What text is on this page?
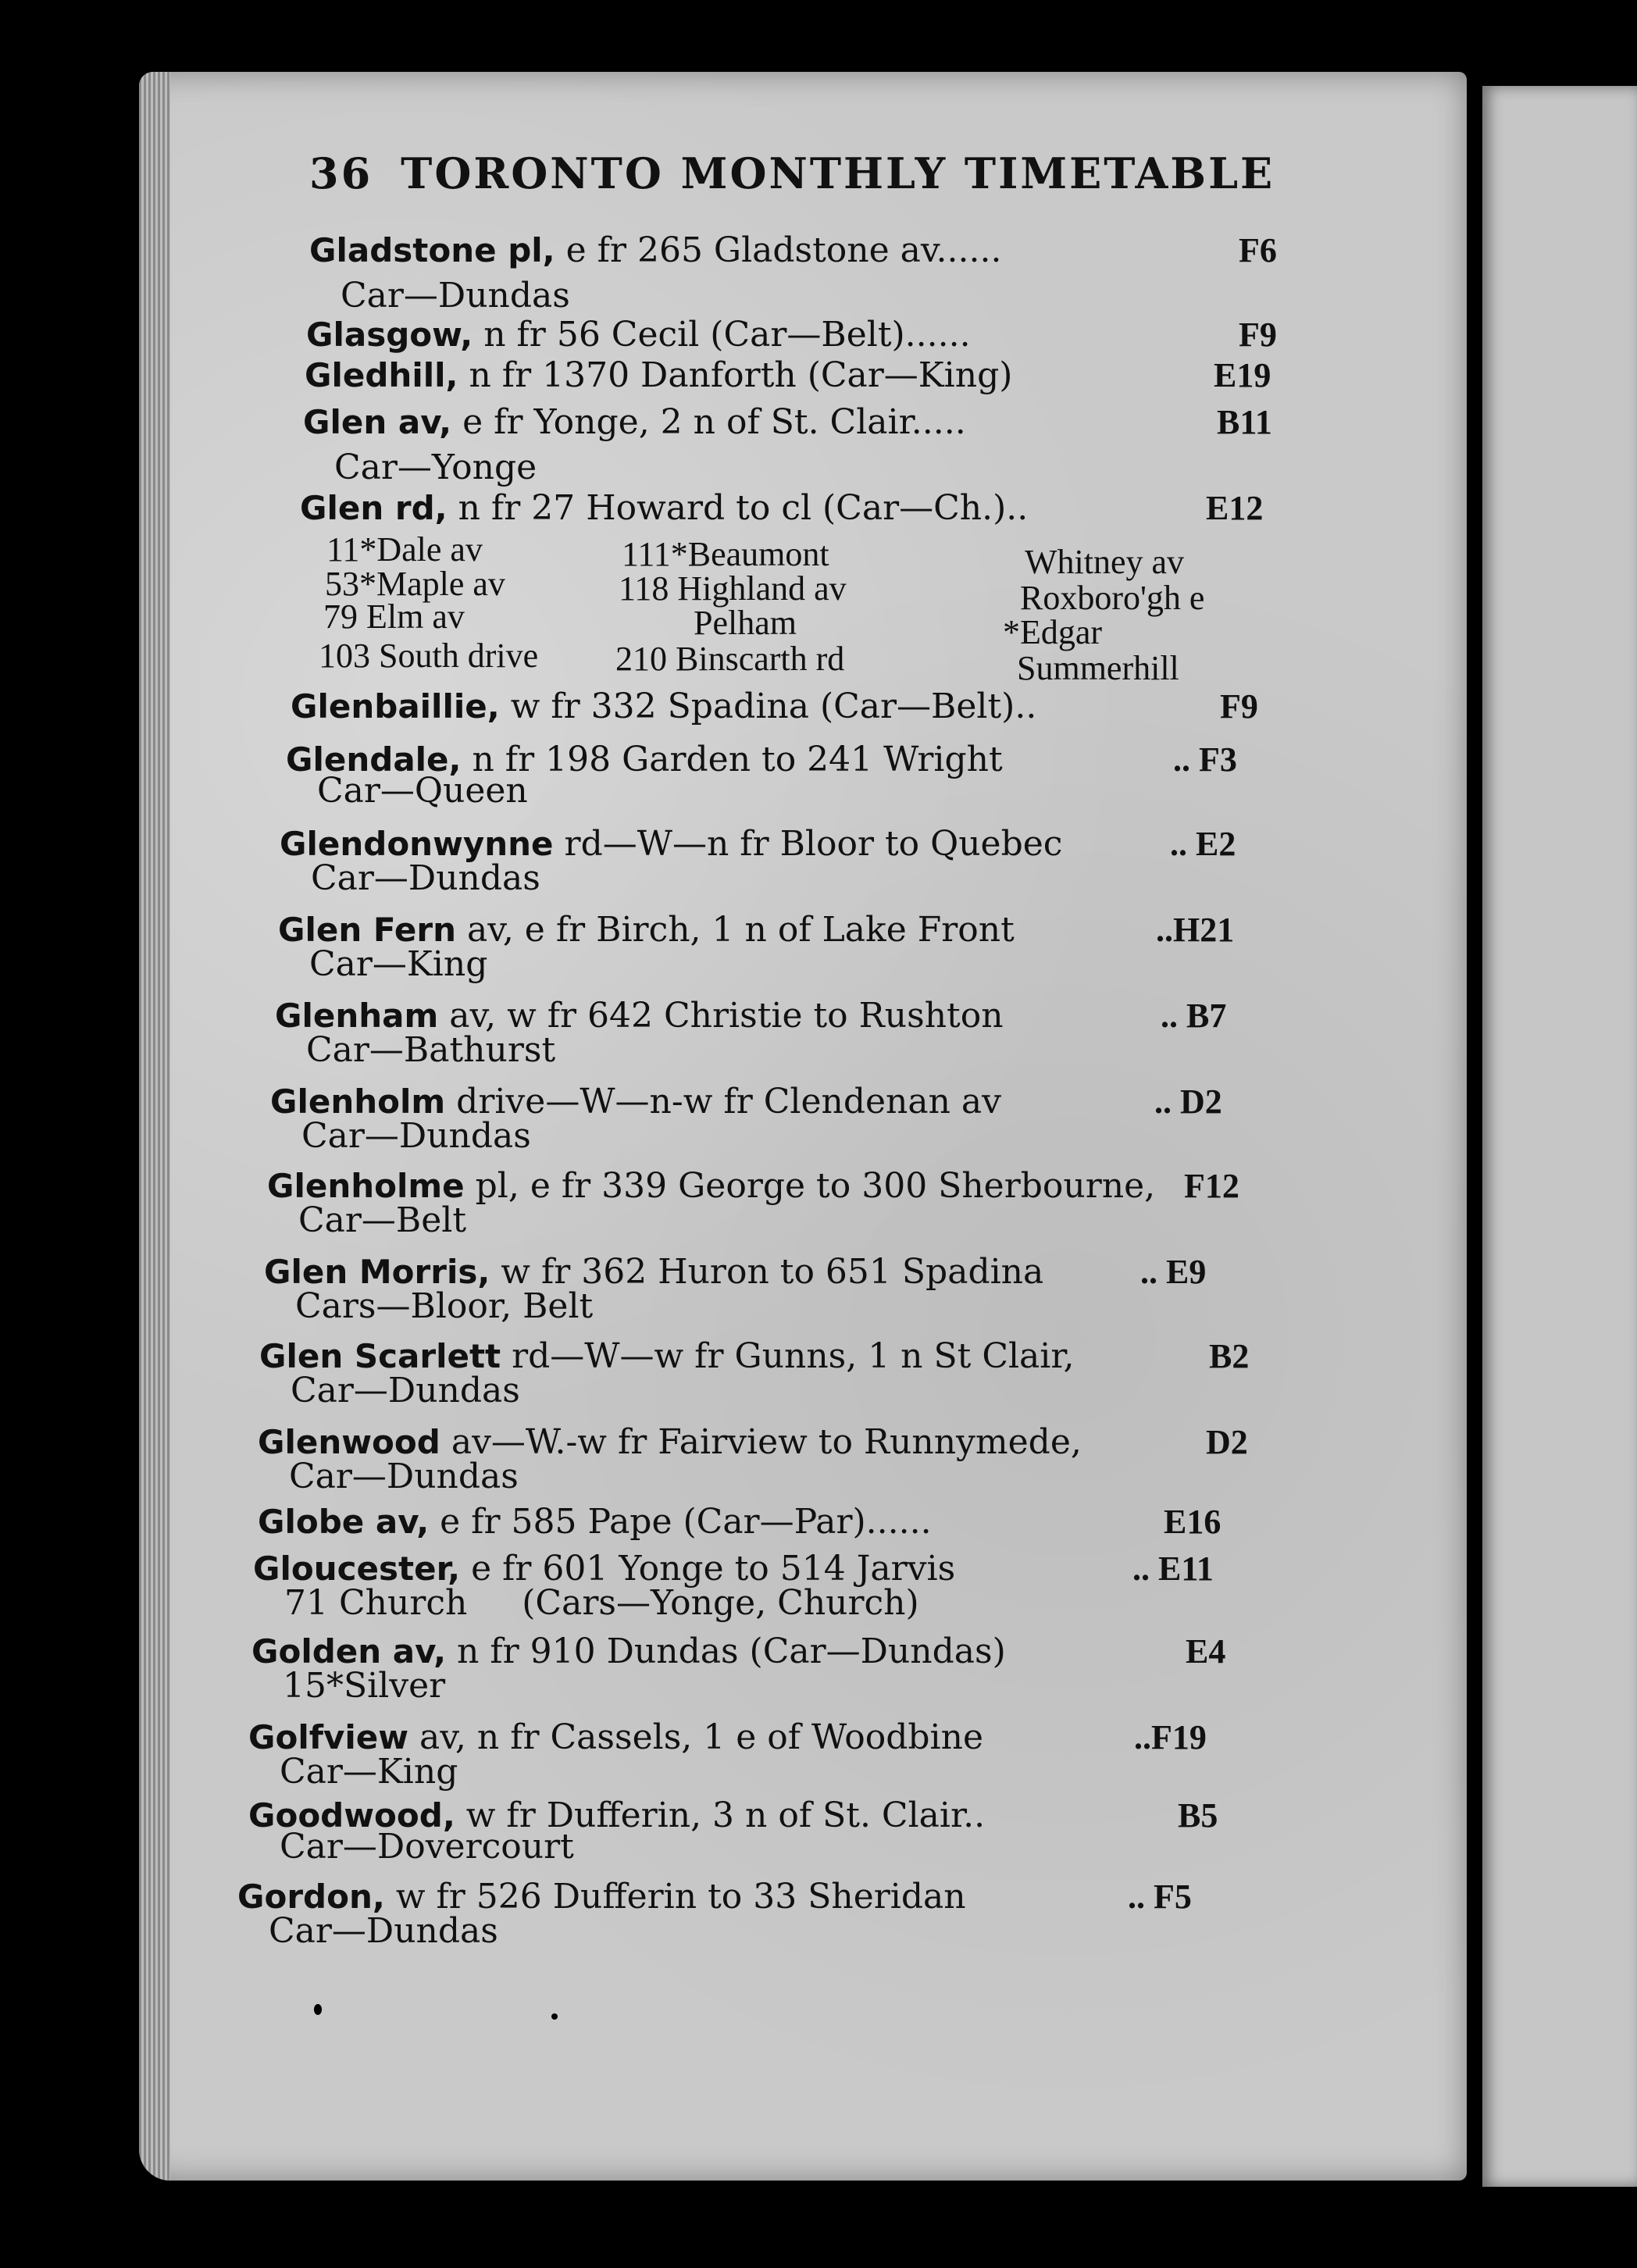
36 TORONTO MONTHLY TIMETABLE
Gladstone pl, e fr 265 Gladstone av......	F6
Car—Dundas
Glasgow, n fr 56 Cecil (Car—Belt)......	F9
Gledhill, n fr 1370 Danforth (Car—King)	E19
Glen av, e fr Yonge, 2 n of St. Clair.....	B11
Car—Yonge
Glen rd, n fr 27 Howard to cl (Car—Ch.)..	E12
11*Dale av	111*Beaumont	Whitney av
53*Maple av	118 Highland av	Roxboro'gh e
79 Elm av	Pelham	*Edgar
103 South drive 210 Binscarth rd	Summerhill
Glenbaillie, w fr 332 Spadina (Car—Belt)..	F9
Glendale, n fr 198 Garden to 241 Wright	.. F3
Car—Queen
Glendonwynne rd—W—n fr Bloor to Quebec	.. E2
Car—Dundas
Glen Fern av, e fr Birch, 1 n of Lake Front	..H21
Car—King
Glenham av, w fr 642 Christie to Rushton	.. B7
Car—Bathurst
Glenholm drive—W—n-w fr Clendenan av	.. D2
Car—Dundas
Glenholme pl, e fr 339 George to 300 Sherbourne, F12
Car—Belt
Glen Morris, w fr 362 Huron to 651 Spadina	.. E9
Cars—Bloor, Belt
Glen Scarlett rd—W—w fr Gunns, 1 n St Clair,	B2
Car—Dundas
Glenwood av—W.-w fr Fairview to Runnymede,	D2
Car—Dundas
Globe av, e fr 585 Pape (Car—Par)......	E16
Gloucester, e fr 601 Yonge to 514 Jarvis	.. E11
71 Church     (Cars—Yonge, Church)
Golden av, n fr 910 Dundas (Car—Dundas)	E4
15*Silver
Golfview av, n fr Cassels, 1 e of Woodbine	..F19
Car—King
Goodwood, w fr Dufferin, 3 n of St. Clair..	B5
Car—Dovercourt
Gordon, w fr 526 Dufferin to 33 Sheridan	.. F5
Car—Dundas
